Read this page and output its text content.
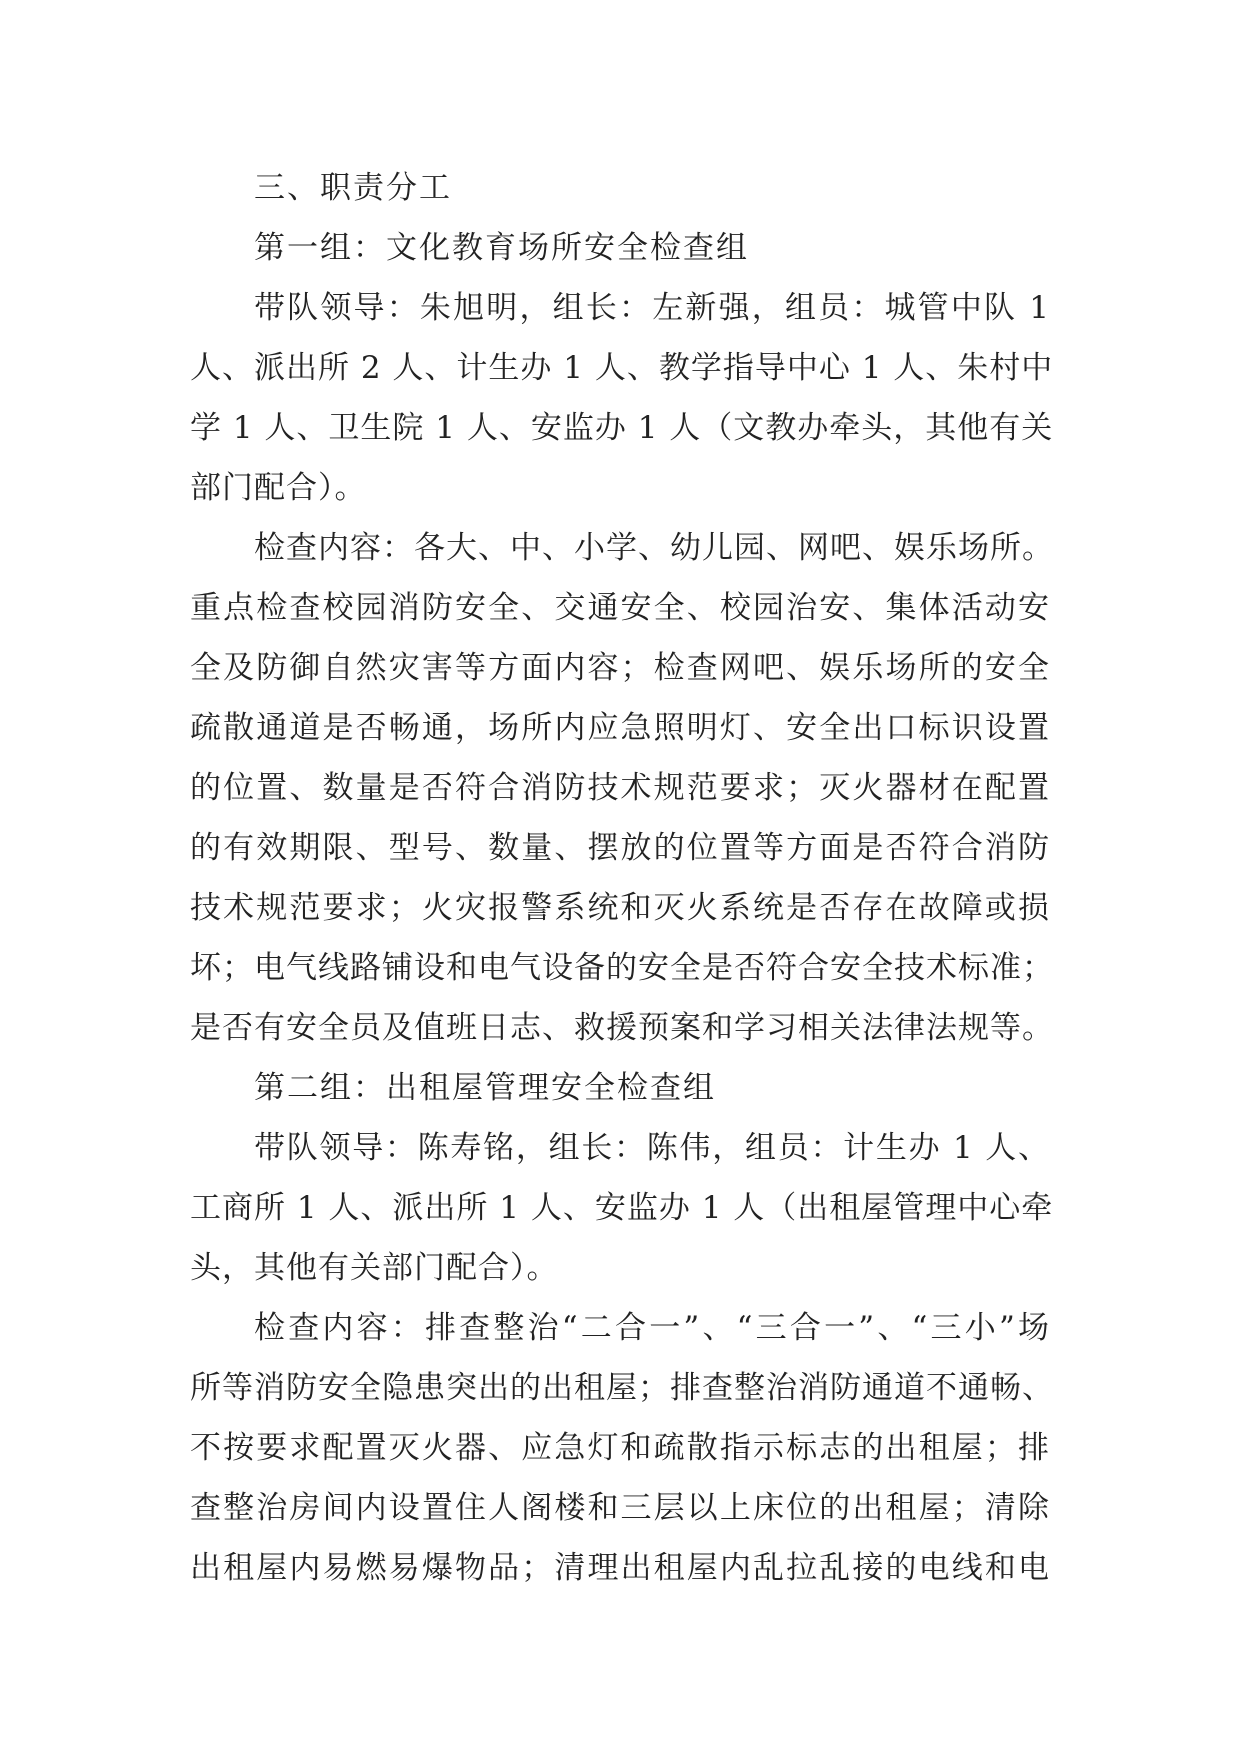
三、职责分工
第一组：文化教育场所安全检查组
带队领导：朱旭明，组长：左新强，组员：城管中队 1
人、派出所 2 人、计生办 1 人、教学指导中心 1 人、朱村中
学 1 人、卫生院 1 人、安监办 1 人（文教办牵头，其他有关
部门配合）。
检查内容：各大、中、小学、幼儿园、网吧、娱乐场所。
重点检查校园消防安全、交通安全、校园治安、集体活动安
全及防御自然灾害等方面内容；检查网吧、娱乐场所的安全
疏散通道是否畅通，场所内应急照明灯、安全出口标识设置
的位置、数量是否符合消防技术规范要求；灭火器材在配置
的有效期限、型号、数量、摆放的位置等方面是否符合消防
技术规范要求；火灾报警系统和灭火系统是否存在故障或损
坏；电气线路铺设和电气设备的安全是否符合安全技术标准；
是否有安全员及值班日志、救援预案和学习相关法律法规等。
第二组：出租屋管理安全检查组
带队领导：陈寿铭，组长：陈伟，组员：计生办 1 人、
工商所 1 人、派出所 1 人、安监办 1 人（出租屋管理中心牵
头，其他有关部门配合）。
检查内容：排查整治“二合一”、“三合一”、“三小”场
所等消防安全隐患突出的出租屋；排查整治消防通道不通畅、
不按要求配置灭火器、应急灯和疏散指示标志的出租屋；排
查整治房间内设置住人阁楼和三层以上床位的出租屋；清除
出租屋内易燃易爆物品；清理出租屋内乱拉乱接的电线和电
